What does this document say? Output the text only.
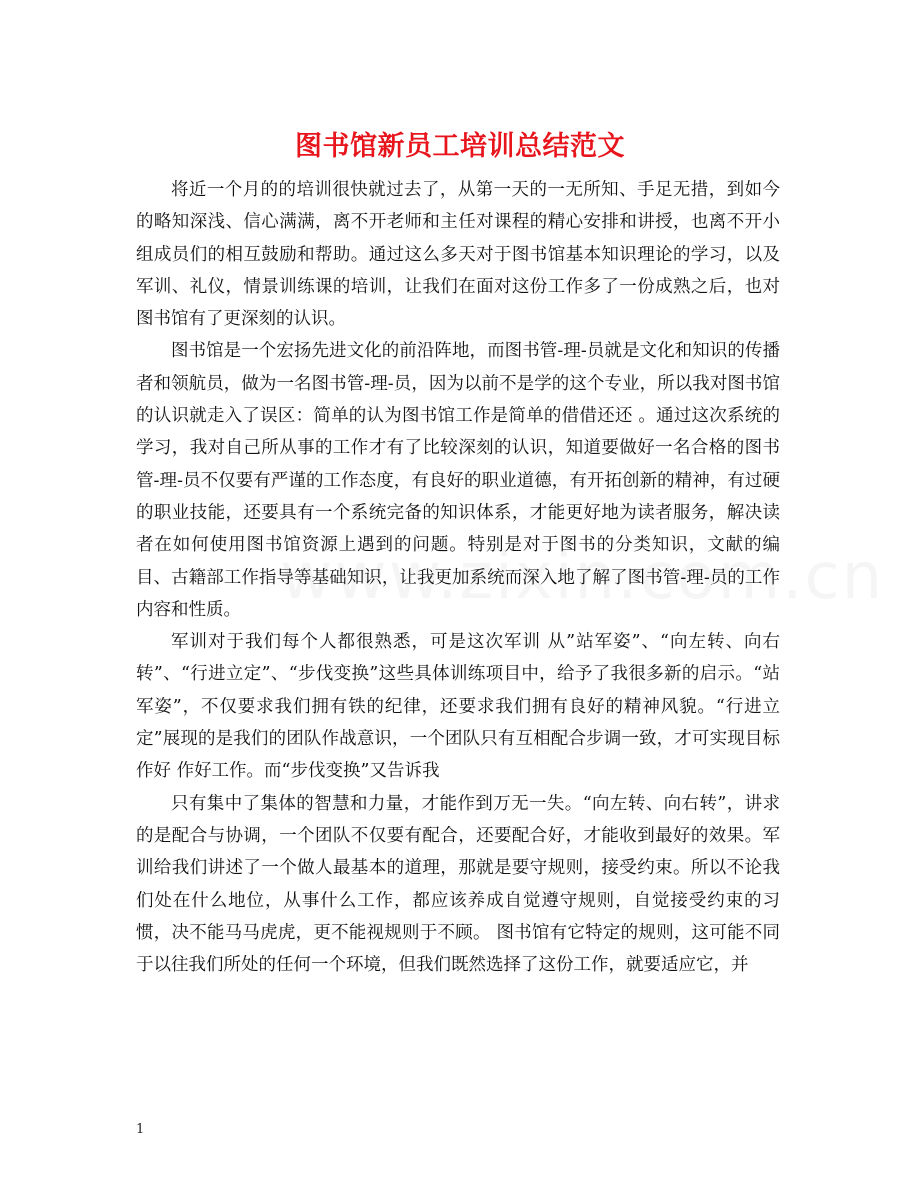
图书馆新员工培训总结范文

将近一个月的的培训很快就过去了，从第一天的一无所知、手足无措，到如今的略知深浅、信心满满，离不开老师和主任对课程的精心安排和讲授，也离不开小组成员们的相互鼓励和帮助。通过这么多天对于图书馆基本知识理论的学习，以及军训、礼仪，情景训练课的培训，让我们在面对这份工作多了一份成熟之后，也对图书馆有了更深刻的认识。

图书馆是一个宏扬先进文化的前沿阵地，而图书管-理-员就是文化和知识的传播者和领航员，做为一名图书管-理-员，因为以前不是学的这个专业，所以我对图书馆的认识就走入了误区：简单的认为图书馆工作是简单的借借还还 。通过这次系统的学习，我对自己所从事的工作才有了比较深刻的认识，知道要做好一名合格的图书管-理-员不仅要有严谨的工作态度，有良好的职业道德，有开拓创新的精神，有过硬的职业技能，还要具有一个系统完备的知识体系，才能更好地为读者服务，解决读者在如何使用图书馆资源上遇到的问题。特别是对于图书的分类知识，文献的编目、古籍部工作指导等基础知识，让我更加系统而深入地了解了图书管-理-员的工作内容和性质。

军训对于我们每个人都很熟悉，可是这次军训 从”站军姿”、“向左转、向右转”、“行进立定”、“步伐变换”这些具体训练项目中，给予了我很多新的启示。“站军姿”，不仅要求我们拥有铁的纪律，还要求我们拥有良好的精神风貌。“行进立定”展现的是我们的团队作战意识，一个团队只有互相配合步调一致，才可实现目标作好 作好工作。而“步伐变换”又告诉我

只有集中了集体的智慧和力量，才能作到万无一失。“向左转、向右转”，讲求的是配合与协调，一个团队不仅要有配合，还要配合好，才能收到最好的效果。军训给我们讲述了一个做人最基本的道理，那就是要守规则，接受约束。所以不论我们处在什么地位，从事什么工作，都应该养成自觉遵守规则，自觉接受约束的习惯，决不能马马虎虎，更不能视规则于不顾。 图书馆有它特定的规则，这可能不同于以往我们所处的任何一个环境，但我们既然选择了这份工作，就要适应它，并

1
